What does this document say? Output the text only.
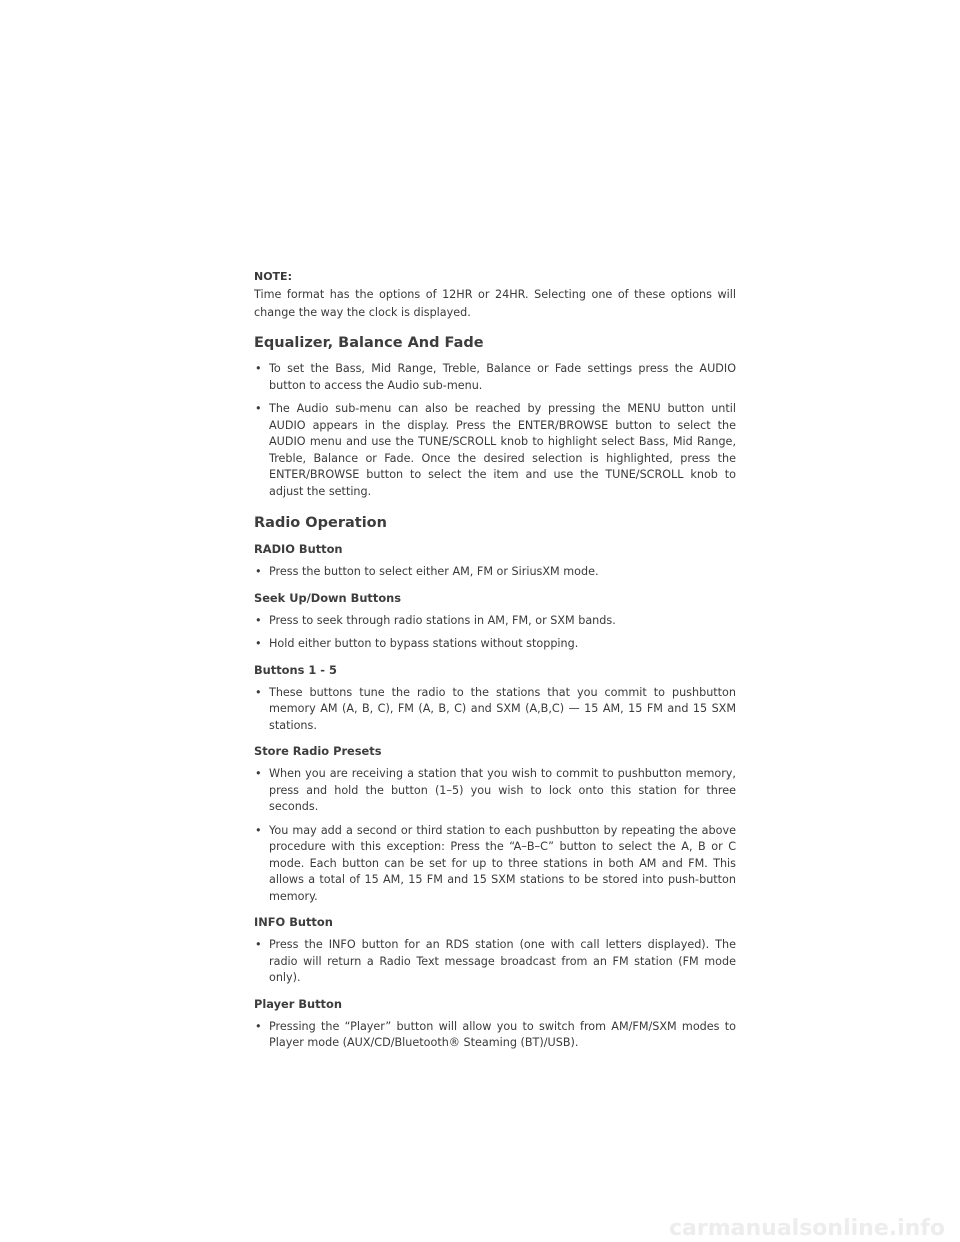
NOTE:

Time format has the options of 12HR or 24HR. Selecting one of these options will change the way the clock is displayed.

Equalizer, Balance And Fade
• To set the Bass, Mid Range, Treble, Balance or Fade settings press the AUDIO button to access the Audio sub-menu.
• The Audio sub-menu can also be reached by pressing the MENU button until AUDIO appears in the display. Press the ENTER/BROWSE button to select the AUDIO menu and use the TUNE/SCROLL knob to highlight select Bass, Mid Range, Treble, Balance or Fade. Once the desired selection is highlighted, press the ENTER/BROWSE button to select the item and use the TUNE/SCROLL knob to adjust the setting.
Radio Operation
RADIO Button
• Press the button to select either AM, FM or SiriusXM mode.
Seek Up/Down Buttons
• Press to seek through radio stations in AM, FM, or SXM bands.
• Hold either button to bypass stations without stopping.
Buttons 1 - 5
• These buttons tune the radio to the stations that you commit to pushbutton memory AM (A, B, C), FM (A, B, C) and SXM (A,B,C) — 15 AM, 15 FM and 15 SXM stations.
Store Radio Presets
• When you are receiving a station that you wish to commit to pushbutton memory, press and hold the button (1–5) you wish to lock onto this station for three seconds.
• You may add a second or third station to each pushbutton by repeating the above procedure with this exception: Press the “A–B–C” button to select the A, B or C mode. Each button can be set for up to three stations in both AM and FM. This allows a total of 15 AM, 15 FM and 15 SXM stations to be stored into push-button memory.
INFO Button
• Press the INFO button for an RDS station (one with call letters displayed). The radio will return a Radio Text message broadcast from an FM station (FM mode only).
Player Button
• Pressing the “Player” button will allow you to switch from AM/FM/SXM modes to Player mode (AUX/CD/Bluetooth® Steaming (BT)/USB).
carmanualsonline.info
